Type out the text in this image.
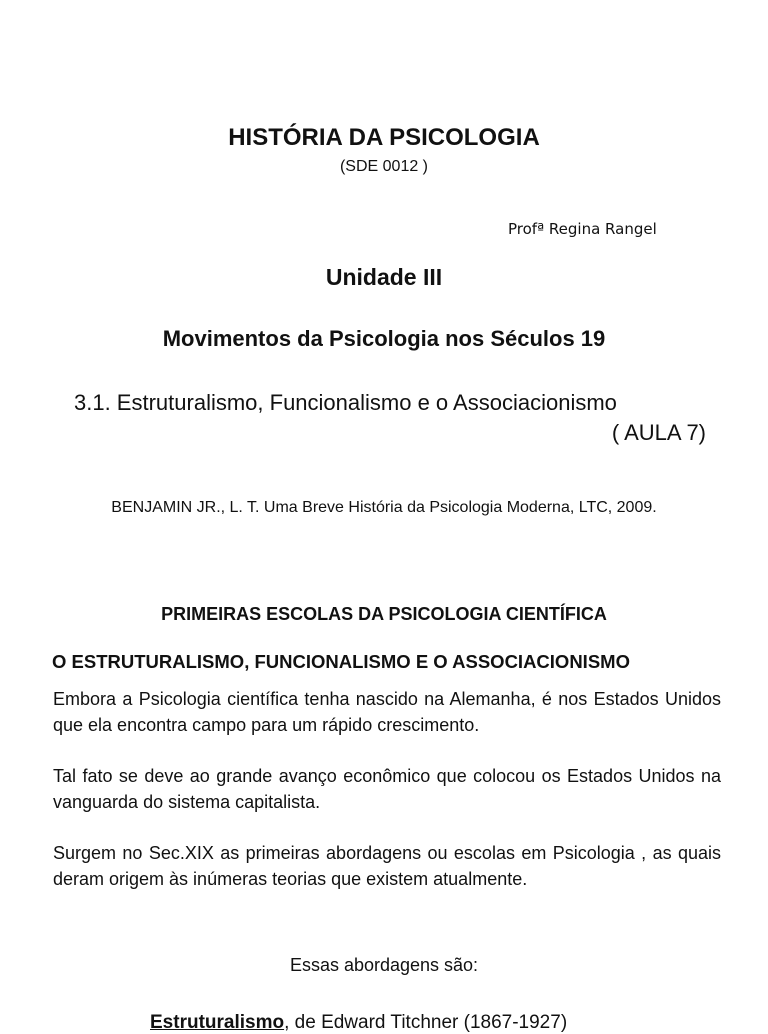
HISTÓRIA DA PSICOLOGIA
(SDE 0012 )
Profª Regina Rangel
Unidade III
Movimentos da Psicologia nos Séculos 19
3.1. Estruturalismo, Funcionalismo e o Associacionismo
( AULA 7)
BENJAMIN JR., L. T. Uma Breve História da Psicologia Moderna, LTC, 2009.
PRIMEIRAS ESCOLAS DA PSICOLOGIA CIENTÍFICA
O ESTRUTURALISMO, FUNCIONALISMO E O ASSOCIACIONISMO
Embora a Psicologia científica tenha nascido na Alemanha, é nos Estados Unidos que ela encontra campo para um rápido crescimento.
Tal fato se deve ao grande avanço econômico que colocou os Estados Unidos na vanguarda do sistema capitalista.
Surgem no Sec.XIX as primeiras abordagens ou escolas em Psicologia , as quais deram origem às inúmeras teorias que existem atualmente.
Essas abordagens são:
Estruturalismo, de Edward Titchner (1867-1927)
